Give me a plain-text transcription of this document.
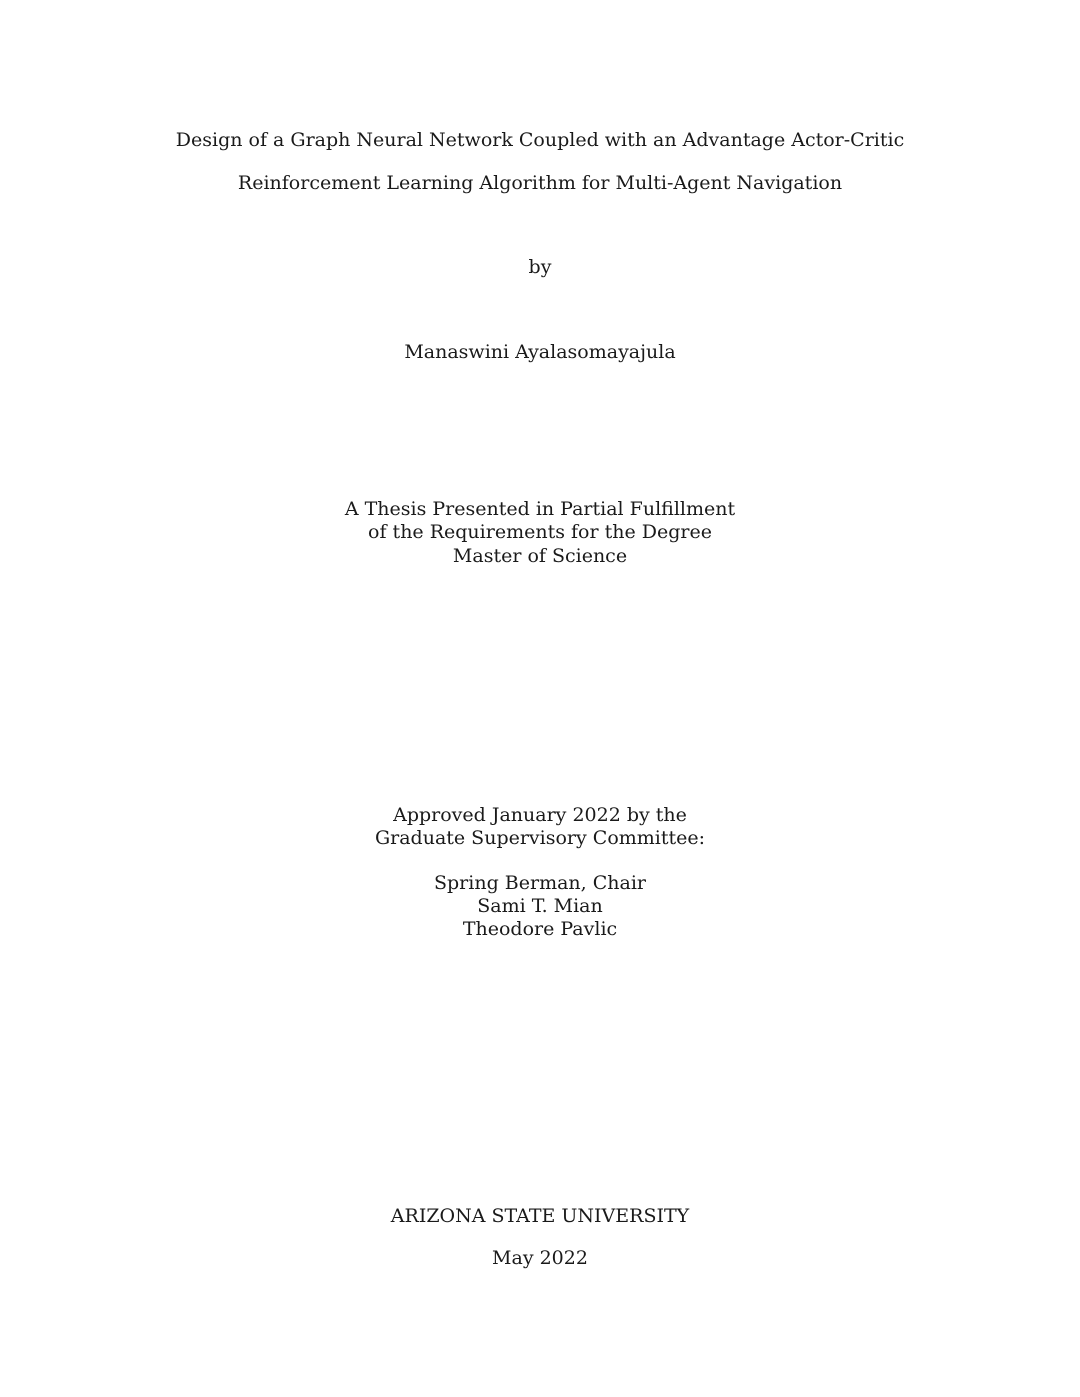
Design of a Graph Neural Network Coupled with an Advantage Actor-Critic
Reinforcement Learning Algorithm for Multi-Agent Navigation
by
Manaswini Ayalasomayajula
A Thesis Presented in Partial Fulfillment
of the Requirements for the Degree
Master of Science
Approved January 2022 by the
Graduate Supervisory Committee:
Spring Berman, Chair
Sami T. Mian
Theodore Pavlic
ARIZONA STATE UNIVERSITY
May 2022
